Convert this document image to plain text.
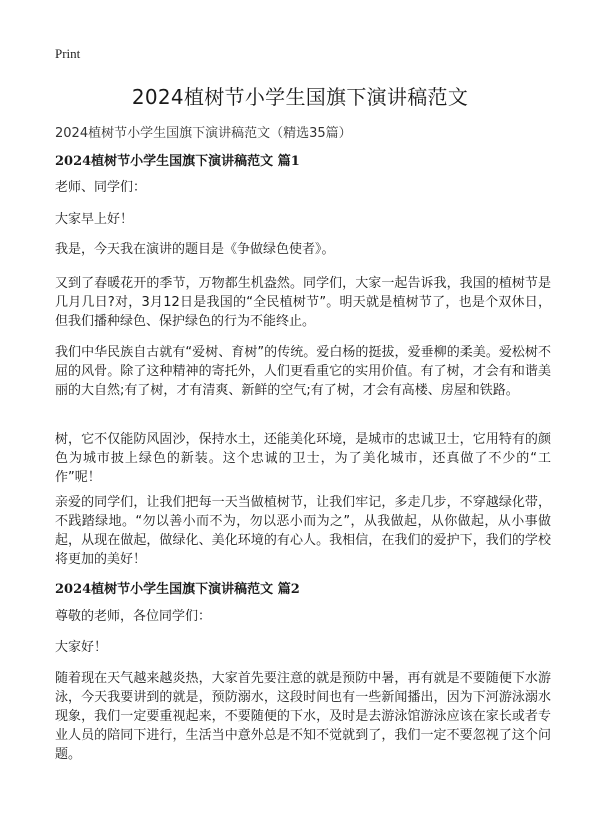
Print
2024植树节小学生国旗下演讲稿范文
2024植树节小学生国旗下演讲稿范文（精选35篇）
2024植树节小学生国旗下演讲稿范文 篇1

老师、同学们：

大家早上好！

我是，今天我在演讲的题目是《争做绿色使者》。

又到了春暖花开的季节，万物都生机盎然。同学们，大家一起告诉我，我国的植树节是几月几日?对，3月12日是我国的“全民植树节”。明天就是植树节了，也是个双休日，但我们播种绿色、保护绿色的行为不能终止。

我们中华民族自古就有“爱树、育树”的传统。爱白杨的挺拔，爱垂柳的柔美。爱松树不屈的风骨。除了这种精神的寄托外，人们更看重它的实用价值。有了树，才会有和谐美丽的大自然;有了树，才有清爽、新鲜的空气;有了树，才会有高楼、房屋和铁路。

树，它不仅能防风固沙，保持水土，还能美化环境，是城市的忠诚卫士，它用特有的颜色为城市披上绿色的新装。这个忠诚的卫士，为了美化城市，还真做了不少的“工作”呢！

亲爱的同学们，让我们把每一天当做植树节，让我们牢记，多走几步，不穿越绿化带，不践踏绿地。“勿以善小而不为，勿以恶小而为之”，从我做起，从你做起，从小事做起，从现在做起，做绿化、美化环境的有心人。我相信，在我们的爱护下，我们的学校将更加的美好！

2024植树节小学生国旗下演讲稿范文 篇2

尊敬的老师，各位同学们：

大家好！

随着现在天气越来越炎热，大家首先要注意的就是预防中暑，再有就是不要随便下水游泳，今天我要讲到的就是，预防溺水，这段时间也有一些新闻播出，因为下河游泳溺水现象，我们一定要重视起来，不要随便的下水，及时是去游泳馆游泳应该在家长或者专业人员的陪同下进行，生活当中意外总是不知不觉就到了，我们一定不要忽视了这个问题。
